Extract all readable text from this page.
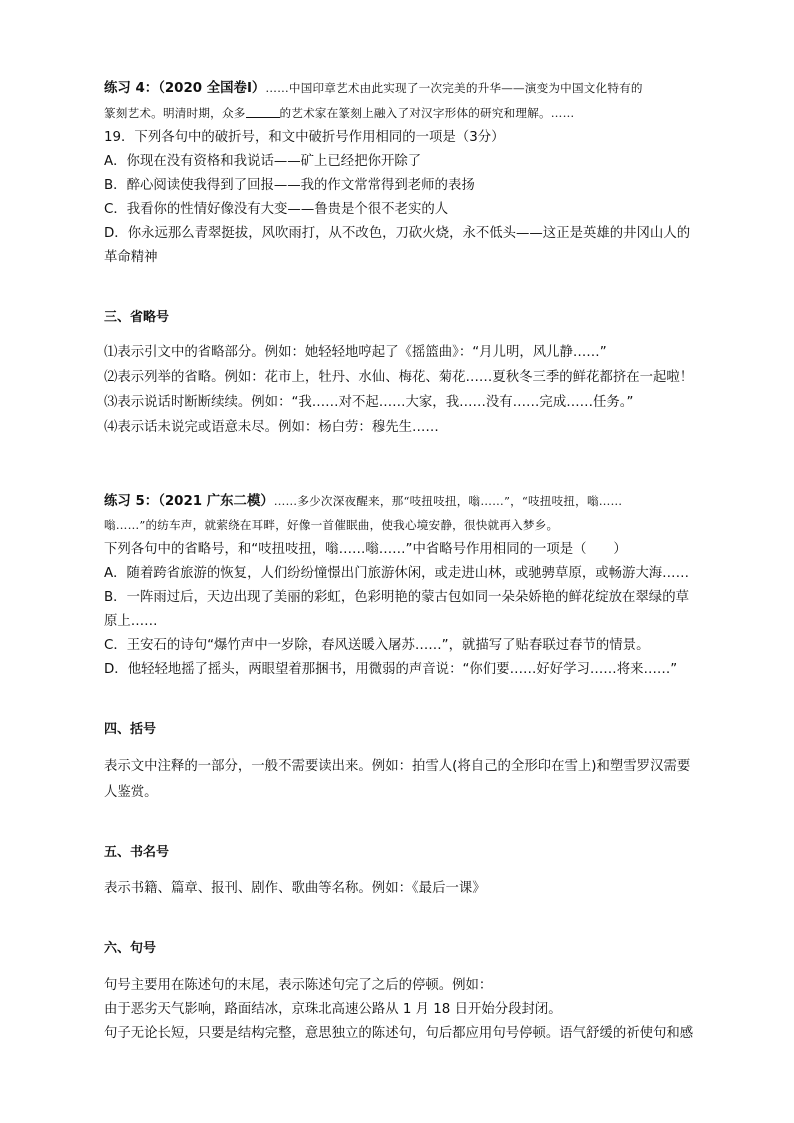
练习 4：（2020 全国卷Ⅰ）……中国印章艺术由此实现了一次完美的升华——演变为中国文化特有的
篆刻艺术。明清时期，众多	的艺术家在篆刻上融入了对汉字形体的研究和理解。……
19．下列各句中的破折号，和文中破折号作用相同的一项是（3分）
A．你现在没有资格和我说话——矿上已经把你开除了
B．醉心阅读使我得到了回报——我的作文常常得到老师的表扬
C．我看你的性情好像没有大变——鲁贵是个很不老实的人
D．你永远那么青翠挺拔，风吹雨打，从不改色，刀砍火烧，永不低头——这正是英雄的井冈山人的
革命精神
三、省略号
⑴表示引文中的省略部分。例如：她轻轻地哼起了《摇篮曲》：“月儿明，风儿静……”
⑵表示列举的省略。例如：花市上，牡丹、水仙、梅花、菊花……夏秋冬三季的鲜花都挤在一起啦！
⑶表示说话时断断续续。例如：“我……对不起……大家，我……没有……完成……任务。”
⑷表示话未说完或语意未尽。例如：杨白劳：穆先生……
练习 5：（2021 广东二模）……多少次深夜醒来，那“吱扭吱扭，嗡……”，“吱扭吱扭，嗡……
嗡……”的纺车声，就萦绕在耳畔，好像一首催眠曲，使我心境安静，很快就再入梦乡。
下列各句中的省略号，和“吱扭吱扭，嗡……嗡……”中省略号作用相同的一项是（　　）
A．随着跨省旅游的恢复，人们纷纷憧憬出门旅游休闲，或走进山林，或驰骋草原，或畅游大海……
B．一阵雨过后，天边出现了美丽的彩虹，色彩明艳的蒙古包如同一朵朵娇艳的鲜花绽放在翠绿的草
原上……
C．王安石的诗句“爆竹声中一岁除，春风送暖入屠苏……”，就描写了贴春联过春节的情景。
D．他轻轻地摇了摇头，两眼望着那捆书，用微弱的声音说：“你们要……好好学习……将来……”
四、括号
表示文中注释的一部分，一般不需要读出来。例如：拍雪人(将自己的全形印在雪上)和塑雪罗汉需要
人鉴赏。
五、书名号
表示书籍、篇章、报刊、剧作、歌曲等名称。例如：《最后一课》
六、句号
句号主要用在陈述句的末尾，表示陈述句完了之后的停顿。例如：
由于恶劣天气影响，路面结冰，京珠北高速公路从 1 月 18 日开始分段封闭。
句子无论长短，只要是结构完整，意思独立的陈述句，句后都应用句号停顿。语气舒缓的祈使句和感
